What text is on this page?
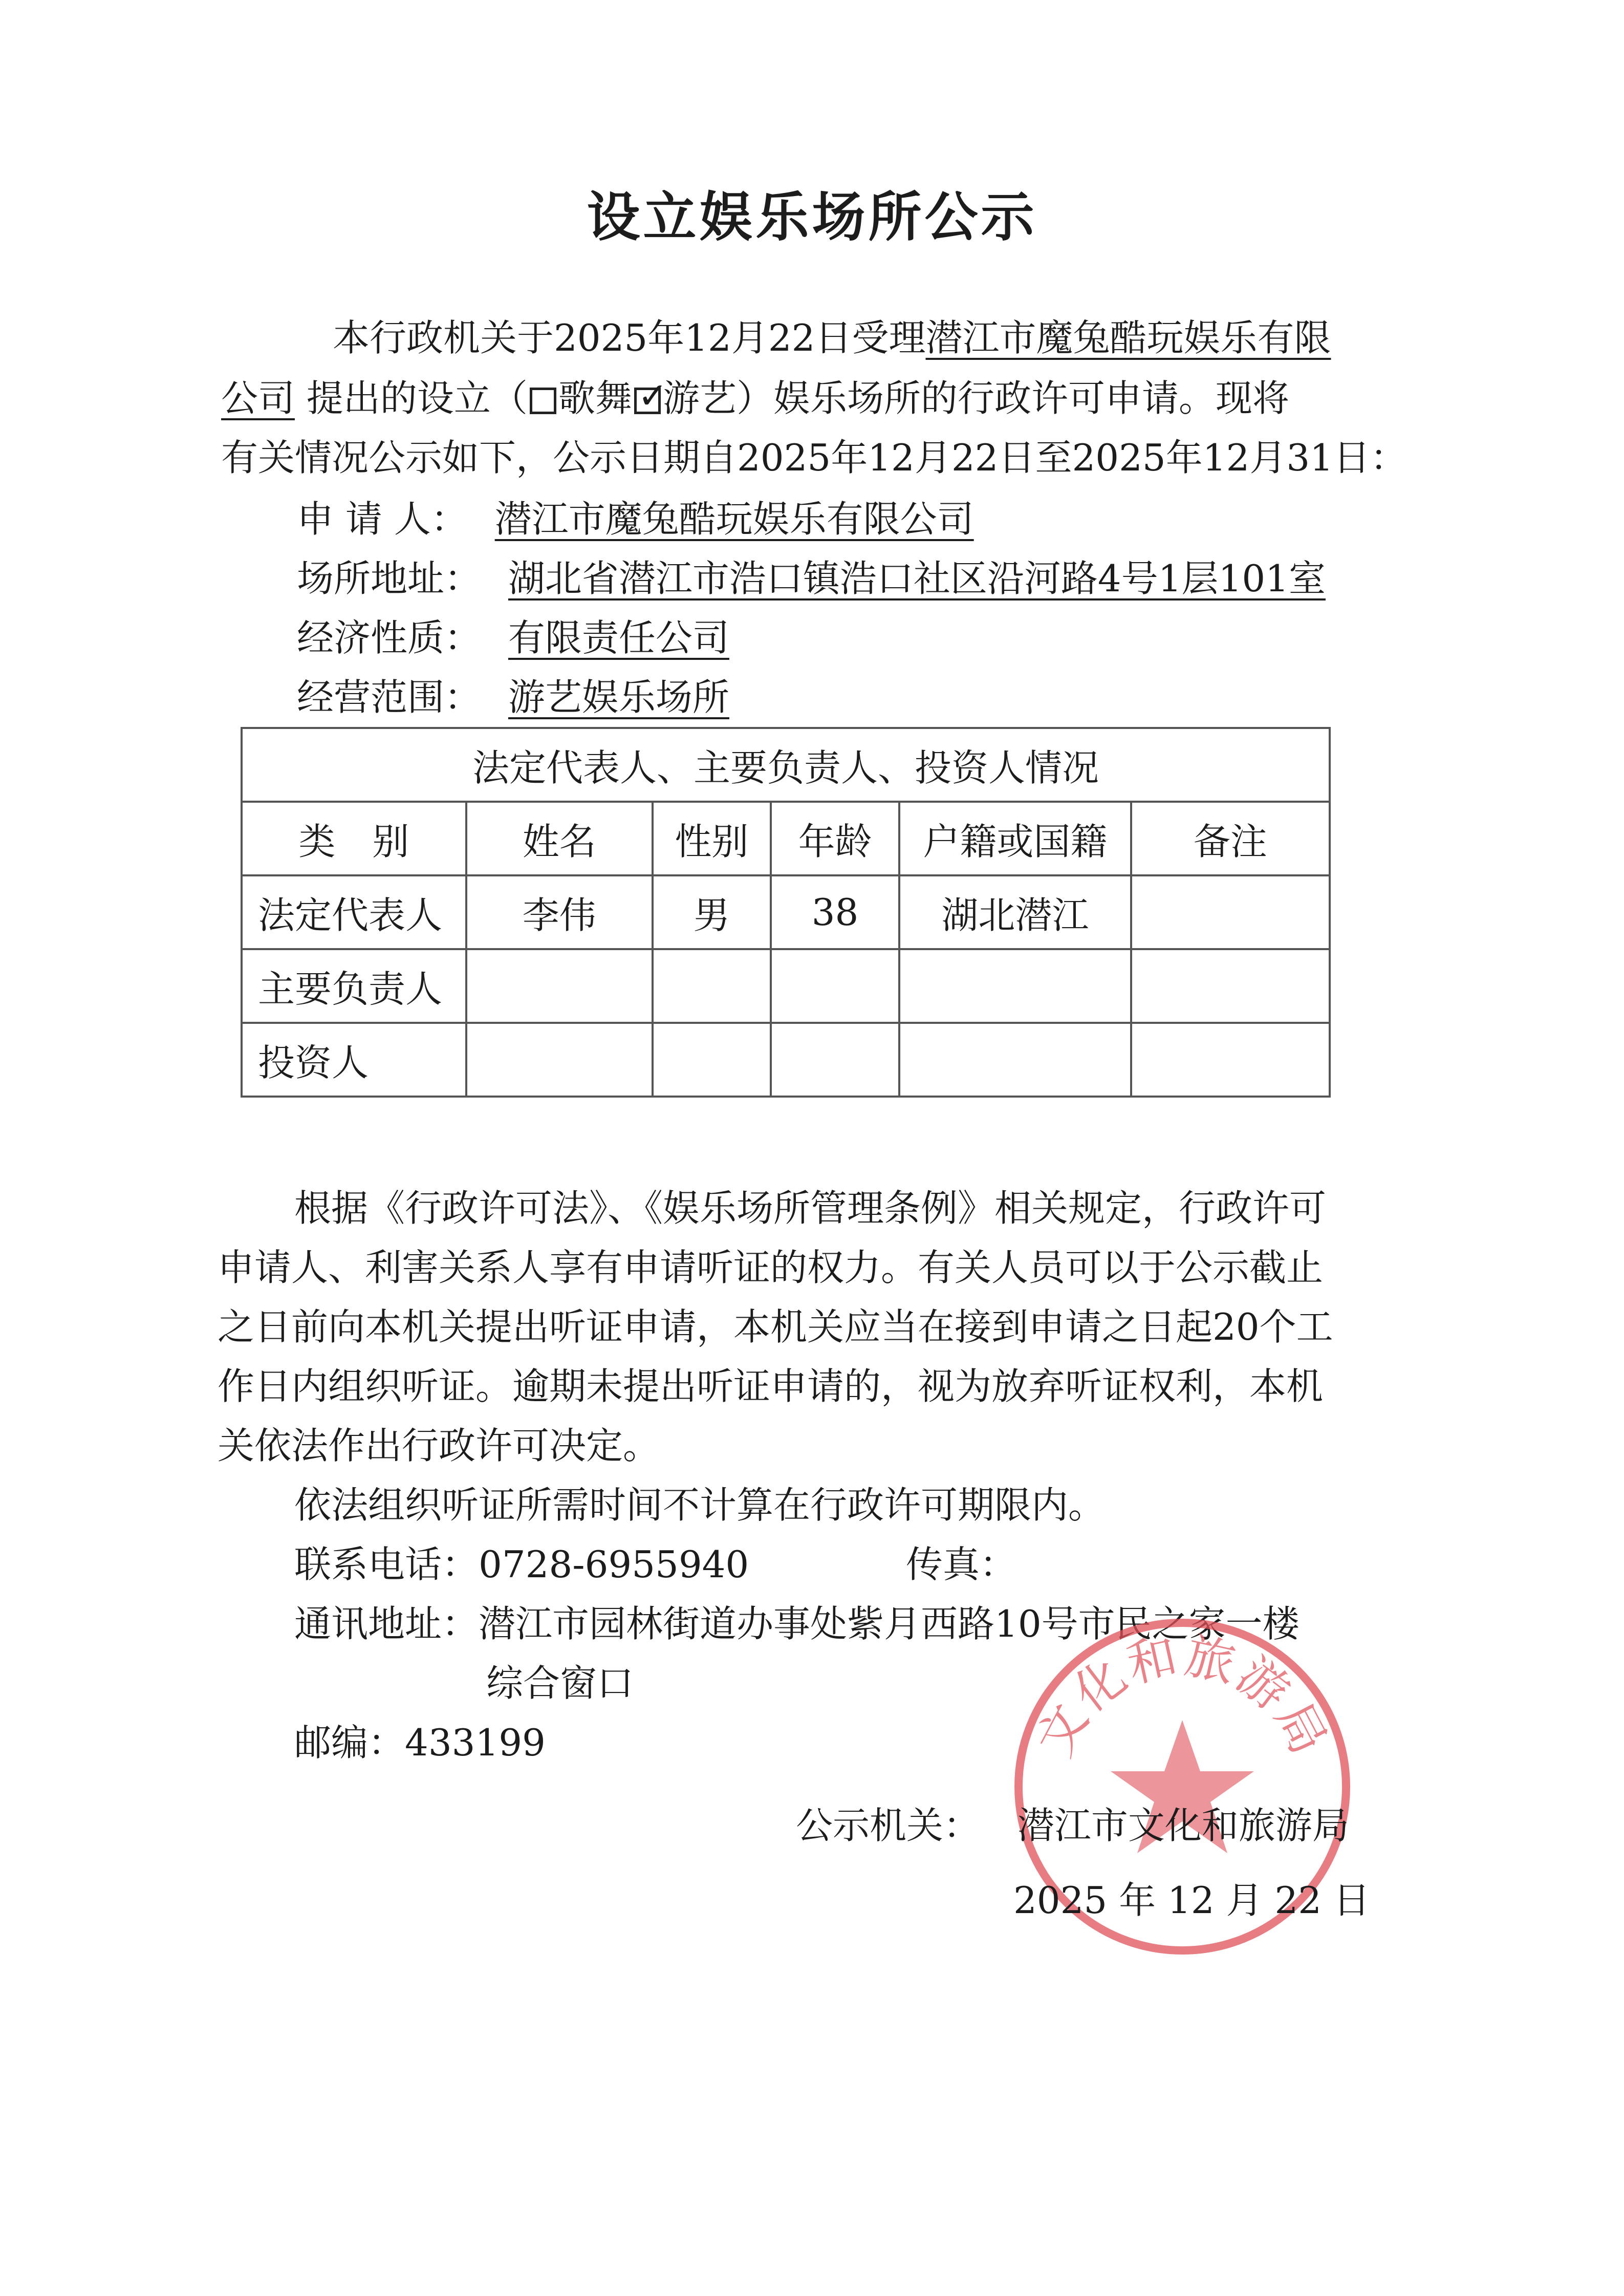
设立娱乐场所公示
本行政机关于2025年12月22日受理潜江市魔兔酷玩娱乐有限
公司 提出的设立（ 歌舞 ✓
游艺）娱乐场所的行政许可申请。现将
有关情况公示如下，公示日期自2025年12月22日至2025年12月31日：
申 请 人： 潜江市魔兔酷玩娱乐有限公司
场所地址： 湖北省潜江市浩口镇浩口社区沿河路4号1层101室
经济性质： 有限责任公司
经营范围： 游艺娱乐场所
法定代表人、主要负责人、投资人情况					
类　别	姓名	性别	年龄	户籍或国籍	备注
法定代表人	李伟	男	38	湖北潜江	
主要负责人					
投资人					
根据《行政许可法》、《娱乐场所管理条例》相关规定，行政许可
申请人、利害关系人享有申请听证的权力。有关人员可以于公示截止
之日前向本机关提出听证申请，本机关应当在接到申请之日起20个工
作日内组织听证。逾期未提出听证申请的，视为放弃听证权利，本机
关依法作出行政许可决定。
依法组织听证所需时间不计算在行政许可期限内。
联系电话：0728-6955940	传真：
通讯地址：潜江市园林街道办事处紫月西路10号市民之家一楼
综合窗口
邮编：433199	文化和旅游局
公示机关： 潜江市文化和旅游局
2025 年 12 月 22 日
